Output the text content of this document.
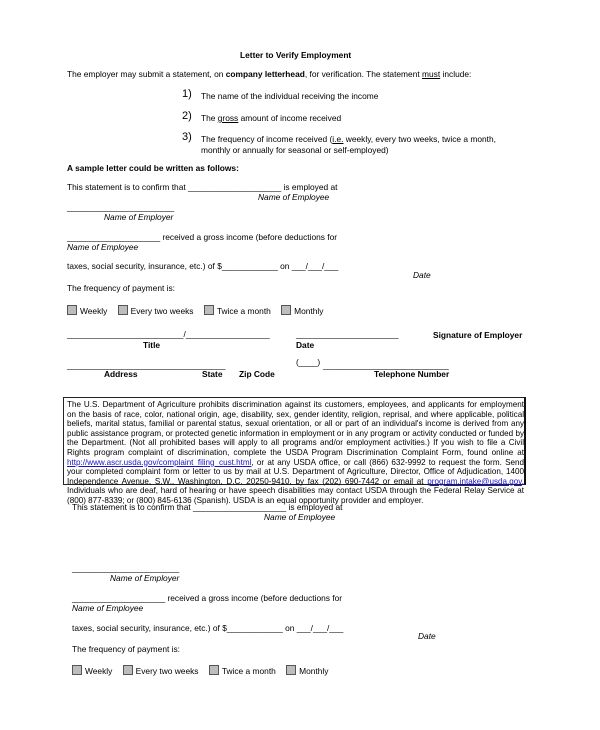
Letter to Verify Employment
The employer may submit a statement, on company letterhead, for verification. The statement must include:
1) The name of the individual receiving the income
2) The gross amount of income received
3) The frequency of income received (i.e. weekly, every two weeks, twice a month,
monthly or annually for seasonal or self-employed)
A sample letter could be written as follows:
This statement is to confirm that ____________________ is employed at
Name of Employee
_______________________
Name of Employer
____________________ received a gross income (before deductions for
Name of Employee
taxes, social security, insurance, etc.) of $____________ on ___/___/___
Date
The frequency of payment is:
Weekly	Every two weeks	Twice a month	Monthly
_________________________/__________________	______________________	Signature of Employer
Title	Date
(____)
__________________________________	___________________________
Address	State Zip Code	Telephone Number

The U.S. Department of Agriculture prohibits discrimination against its customers, employees, and applicants for employment on the basis of race, color, national origin, age, disability, sex, gender identity, religion, reprisal, and where applicable, political beliefs, marital status, familial or parental status, sexual orientation, or all or part of an individual's income is derived from any public assistance program, or protected genetic information in employment or in any program or activity conducted or funded by the Department. (Not all prohibited bases will apply to all programs and/or employment activities.) If you wish to file a Civil Rights program complaint of discrimination, complete the USDA Program Discrimination Complaint Form, found online at http://www.ascr.usda.gov/complaint_filing_cust.html, or at any USDA office, or call (866) 632-9992 to request the form. Send your completed complaint form or letter to us by mail at U.S. Department of Agriculture, Director, Office of Adjudication, 1400 Independence Avenue, S.W., Washington, D.C. 20250-9410, by fax (202) 690-7442 or email at program.intake@usda.gov. Individuals who are deaf, hard of hearing or have speech disabilities may contact USDA through the Federal Relay Service at (800) 877-8339; or (800) 845-6136 (Spanish). USDA is an equal opportunity provider and employer.

This statement is to confirm that ____________________ is employed at
Name of Employee
_______________________
Name of Employer
____________________ received a gross income (before deductions for
Name of Employee
taxes, social security, insurance, etc.) of $____________ on ___/___/___
Date
The frequency of payment is:
Weekly	Every two weeks	Twice a month	Monthly
